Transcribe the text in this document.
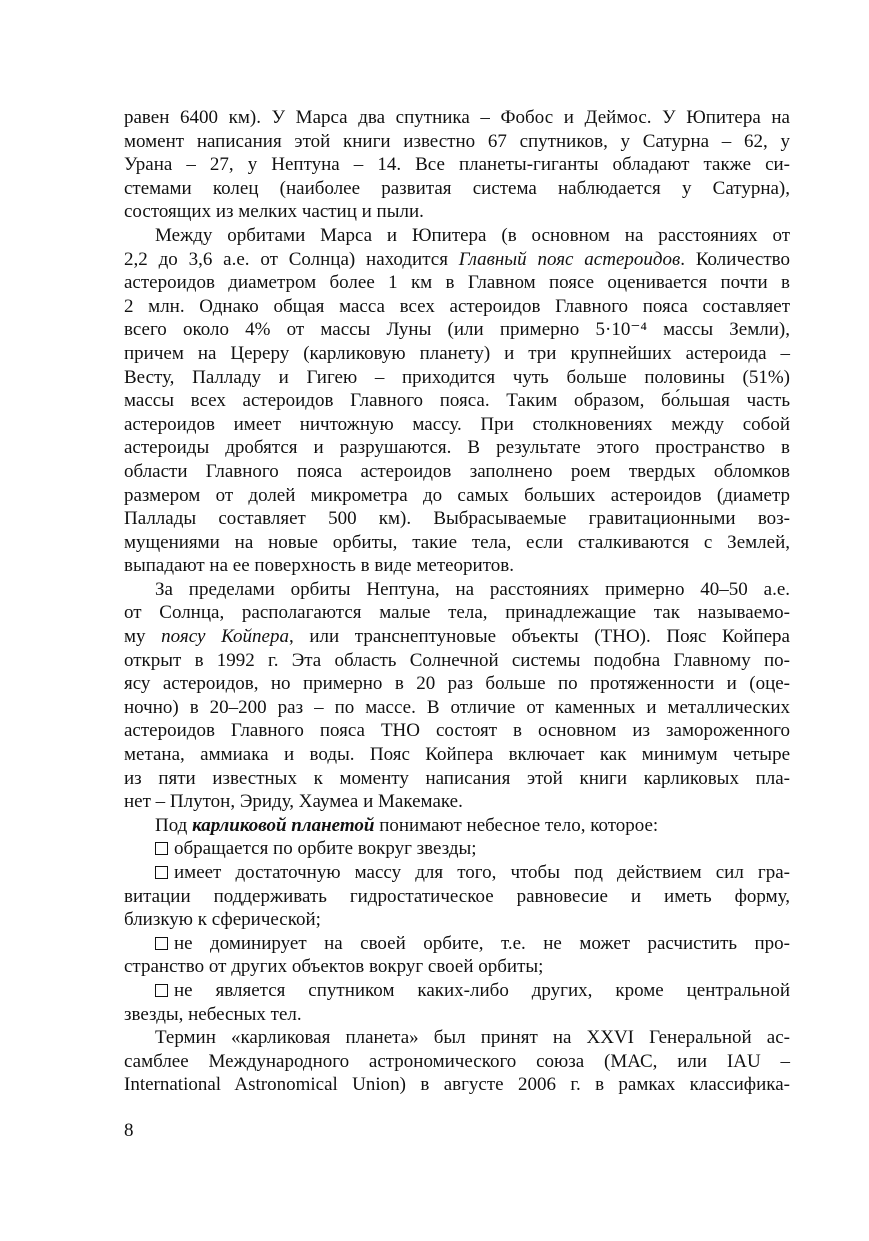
равен 6400 км). У Марса два спутника – Фобос и Деймос. У Юпитера на
момент написания этой книги известно 67 спутников, у Сатурна – 62, у
Урана – 27, у Нептуна – 14. Все планеты-гиганты обладают также си-
стемами колец (наиболее развитая система наблюдается у Сатурна),
состоящих из мелких частиц и пыли.
Между орбитами Марса и Юпитера (в основном на расстояниях от
2,2 до 3,6 а.е. от Солнца) находится Главный пояс астероидов. Количество
астероидов диаметром более 1 км в Главном поясе оценивается почти в
2 млн. Однако общая масса всех астероидов Главного пояса составляет
всего около 4% от массы Луны (или примерно 5·10⁻⁴ массы Земли),
причем на Цереру (карликовую планету) и три крупнейших астероида –
Весту, Палладу и Гигею – приходится чуть больше половины (51%)
массы всех астероидов Главного пояса. Таким образом, бо́льшая часть
астероидов имеет ничтожную массу. При столкновениях между собой
астероиды дробятся и разрушаются. В результате этого пространство в
области Главного пояса астероидов заполнено роем твердых обломков
размером от долей микрометра до самых больших астероидов (диаметр
Паллады составляет 500 км). Выбрасываемые гравитационными воз-
мущениями на новые орбиты, такие тела, если сталкиваются с Землей,
выпадают на ее поверхность в виде метеоритов.
За пределами орбиты Нептуна, на расстояниях примерно 40–50 а.е.
от Солнца, располагаются малые тела, принадлежащие так называемо-
му поясу Койпера, или транснептуновые объекты (ТНО). Пояс Койпера
открыт в 1992 г. Эта область Солнечной системы подобна Главному по-
ясу астероидов, но примерно в 20 раз больше по протяженности и (оце-
ночно) в 20–200 раз – по массе. В отличие от каменных и металлических
астероидов Главного пояса ТНО состоят в основном из замороженного
метана, аммиака и воды. Пояс Койпера включает как минимум четыре
из пяти известных к моменту написания этой книги карликовых пла-
нет – Плутон, Эриду, Хаумеа и Макемаке.
Под карликовой планетой понимают небесное тело, которое:
обращается по орбите вокруг звезды;
имеет достаточную массу для того, чтобы под действием сил гра-
витации поддерживать гидростатическое равновесие и иметь форму,
близкую к сферической;
не доминирует на своей орбите, т.е. не может расчистить про-
странство от других объектов вокруг своей орбиты;
не является спутником каких-либо других, кроме центральной
звезды, небесных тел.
Термин «карликовая планета» был принят на XXVI Генеральной ас-
самблее Международного астрономического союза (МАС, или IAU –
International Astronomical Union) в августе 2006 г. в рамках классифика-
8
